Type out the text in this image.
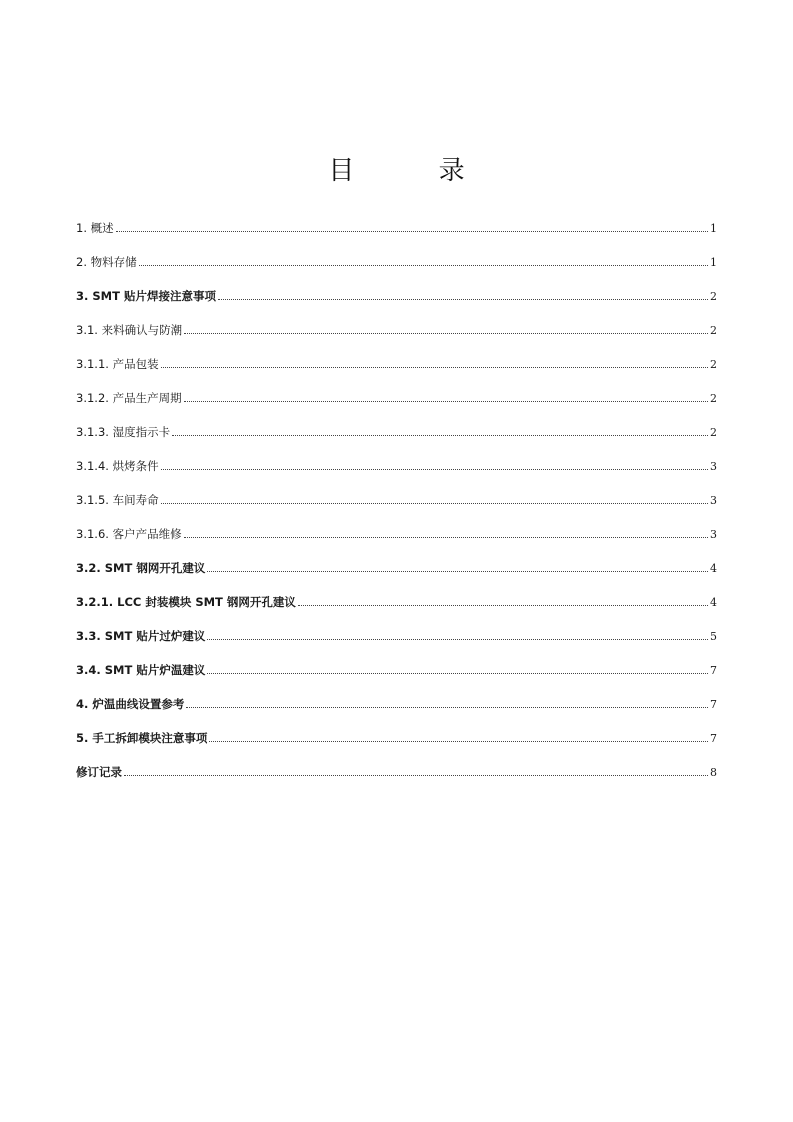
目 录
1. 概述	1
2. 物料存储	1
3. SMT 贴片焊接注意事项	2
3.1. 来料确认与防潮	2
3.1.1. 产品包装	2
3.1.2. 产品生产周期	2
3.1.3. 湿度指示卡	2
3.1.4. 烘烤条件	3
3.1.5. 车间寿命	3
3.1.6. 客户产品维修	3
3.2. SMT 钢网开孔建议	4
3.2.1. LCC 封装模块 SMT 钢网开孔建议	4
3.3. SMT 贴片过炉建议	5
3.4. SMT 贴片炉温建议	7
4. 炉温曲线设置参考	7
5. 手工拆卸模块注意事项	7
修订记录	8
